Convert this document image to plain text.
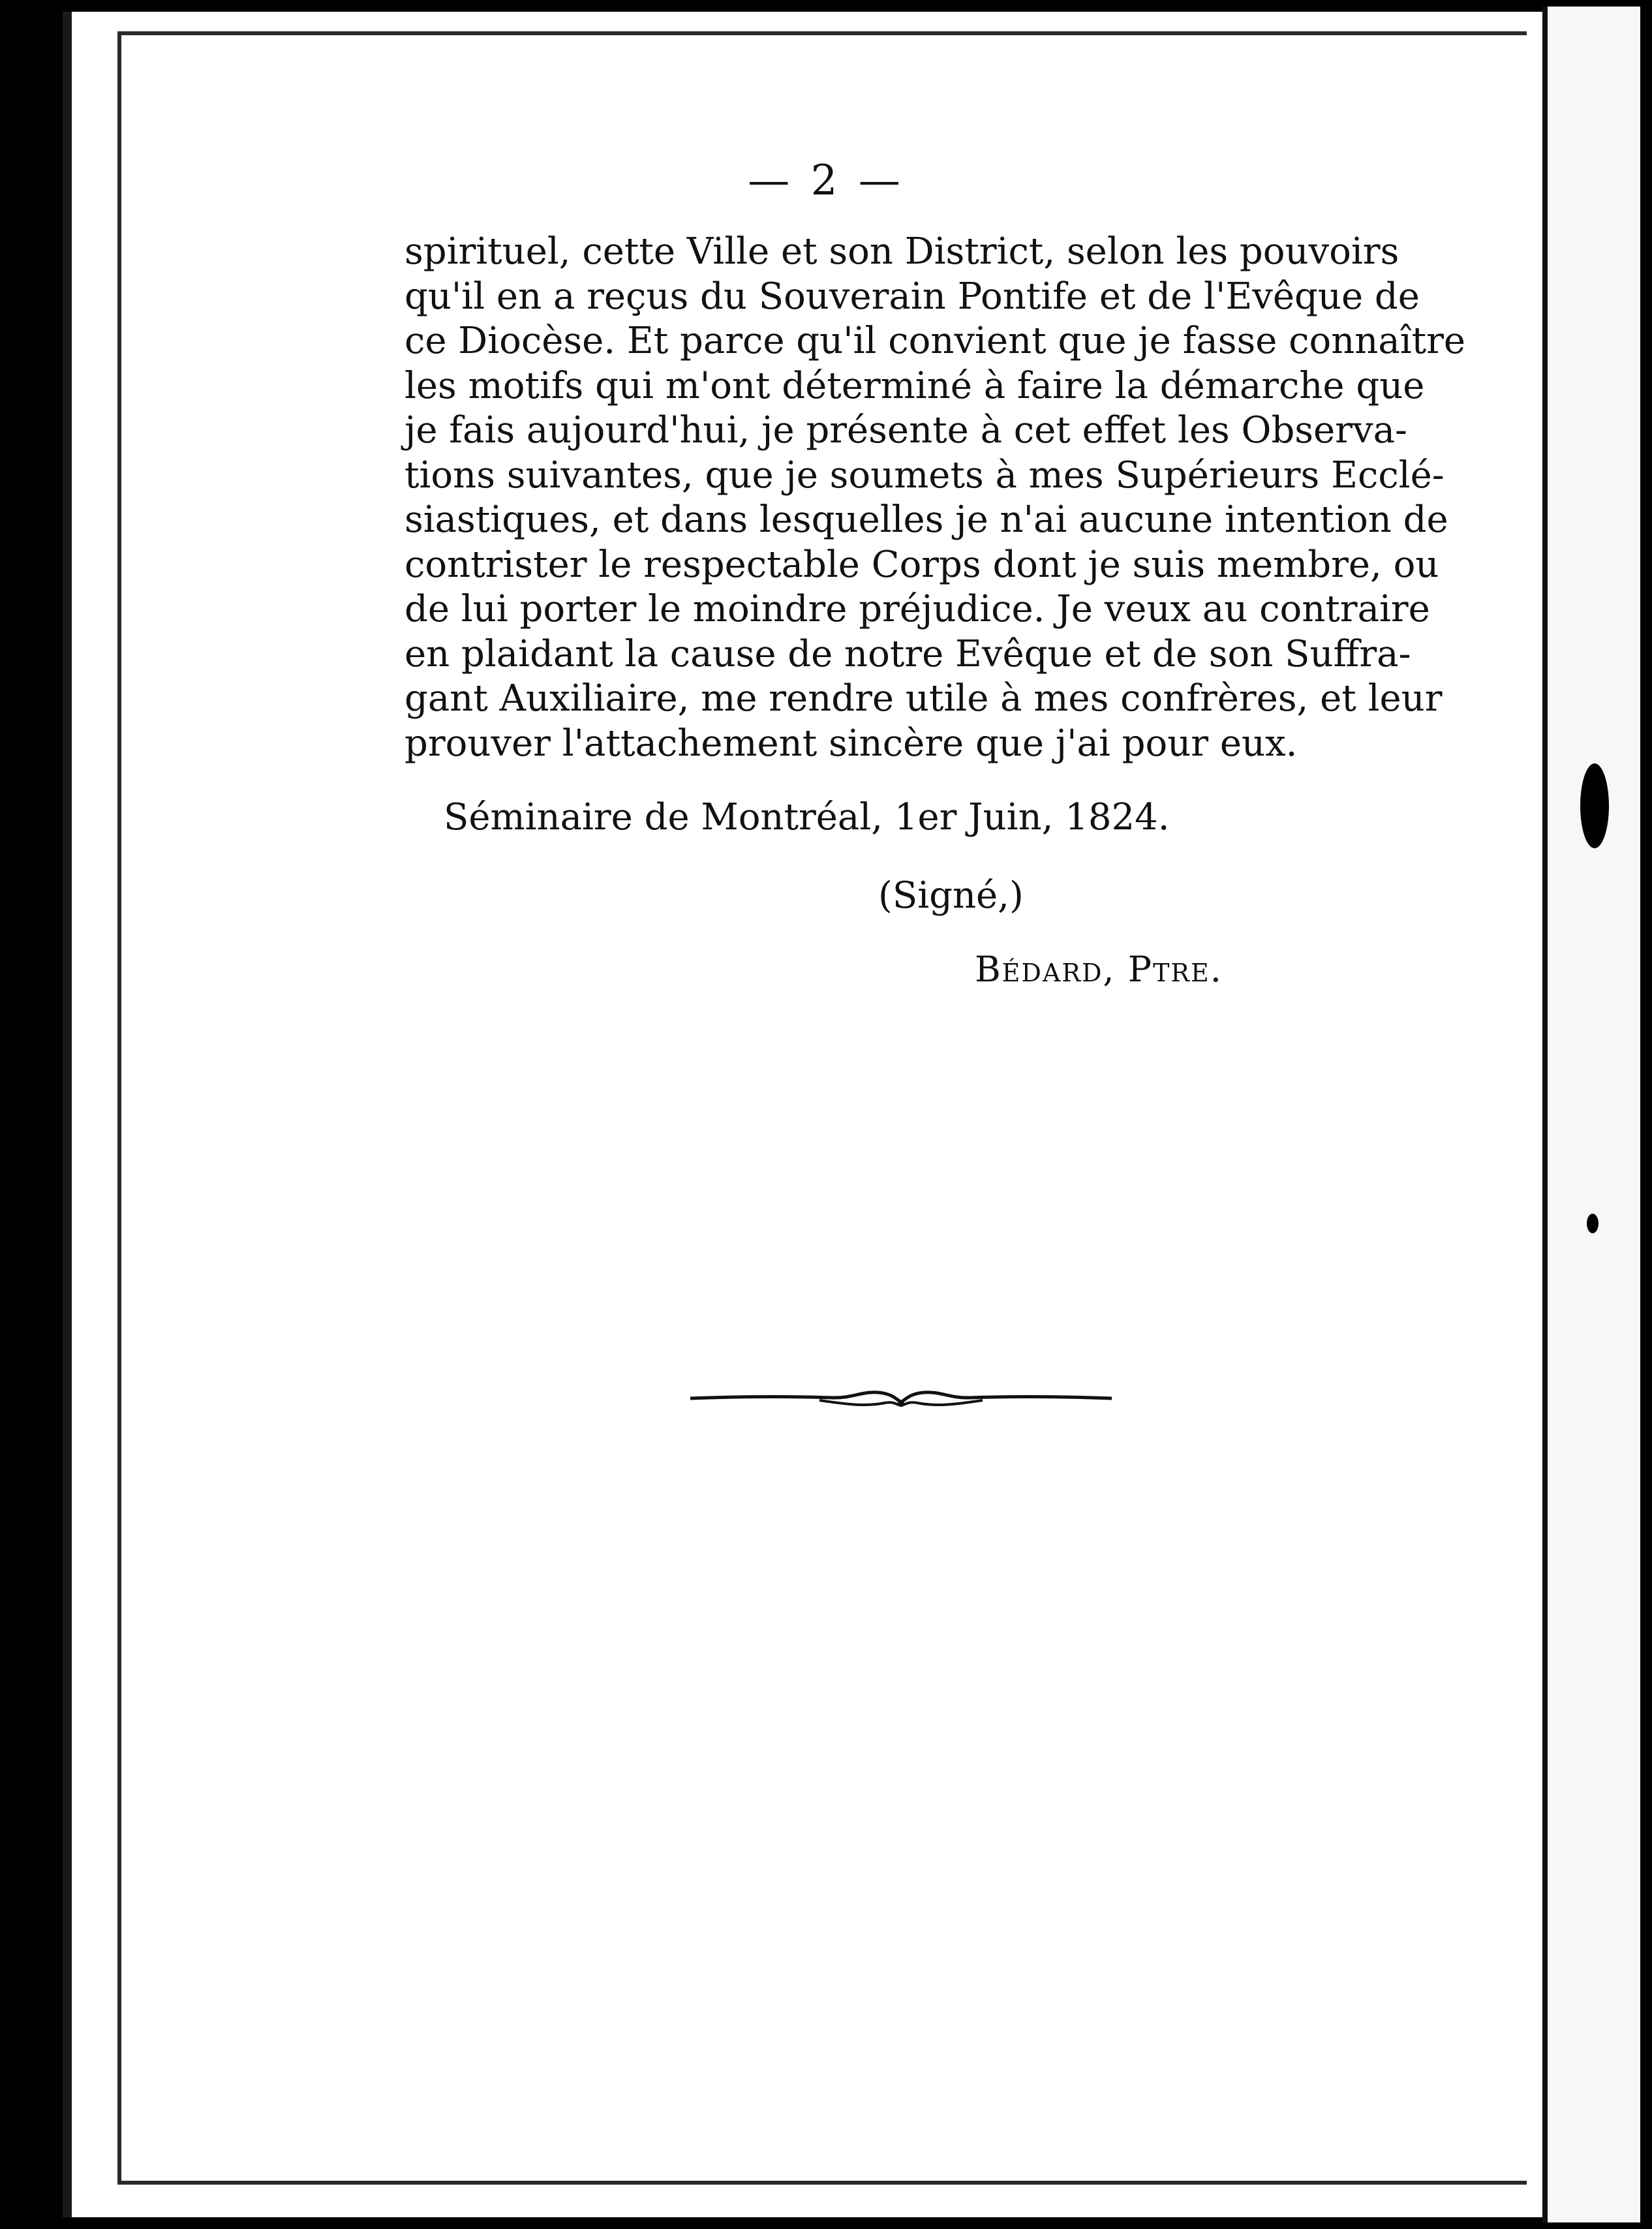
— 2 —
spirituel, cette Ville et son District, selon les pouvoirs
qu'il en a reçus du Souverain Pontife et de l'Evêque de
ce Diocèse. Et parce qu'il convient que je fasse connaître
les motifs qui m'ont déterminé à faire la démarche que
je fais aujourd'hui, je présente à cet effet les Observa-
tions suivantes, que je soumets à mes Supérieurs Ecclé-
siastiques, et dans lesquelles je n'ai aucune intention de
contrister le respectable Corps dont je suis membre, ou
de lui porter le moindre préjudice. Je veux au contraire
en plaidant la cause de notre Evêque et de son Suffra-
gant Auxiliaire, me rendre utile à mes confrères, et leur
prouver l'attachement sincère que j'ai pour eux.
Séminaire de Montréal, 1er Juin, 1824.
(Signé,)
Bédard, Ptre.
